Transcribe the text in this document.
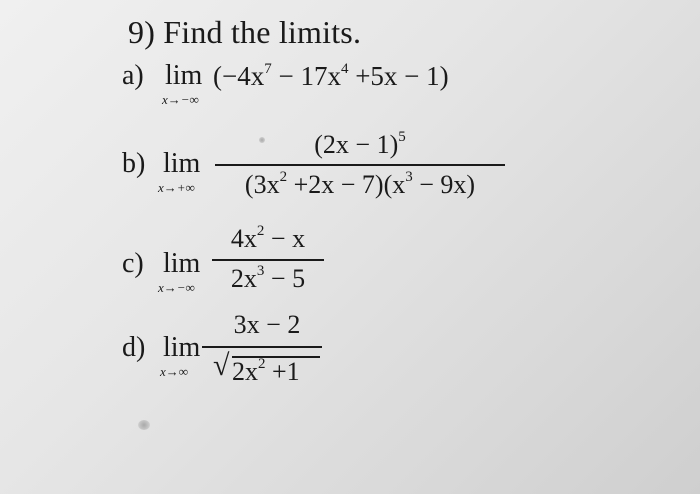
9) Find the limits.
a) lim
x→−∞
$(-4x^7 - 17x^4 +5x - 1)$
b) lim
x→+∞
$(2x - 1)^5$
$(3x^2 +2x - 7)(x^3 - 9x)$
c) lim
x→−∞
$4x^2 - x$
$2x^3 - 5$
d) lim
x→∞
3x − 2
√ $2x^2 +1$
